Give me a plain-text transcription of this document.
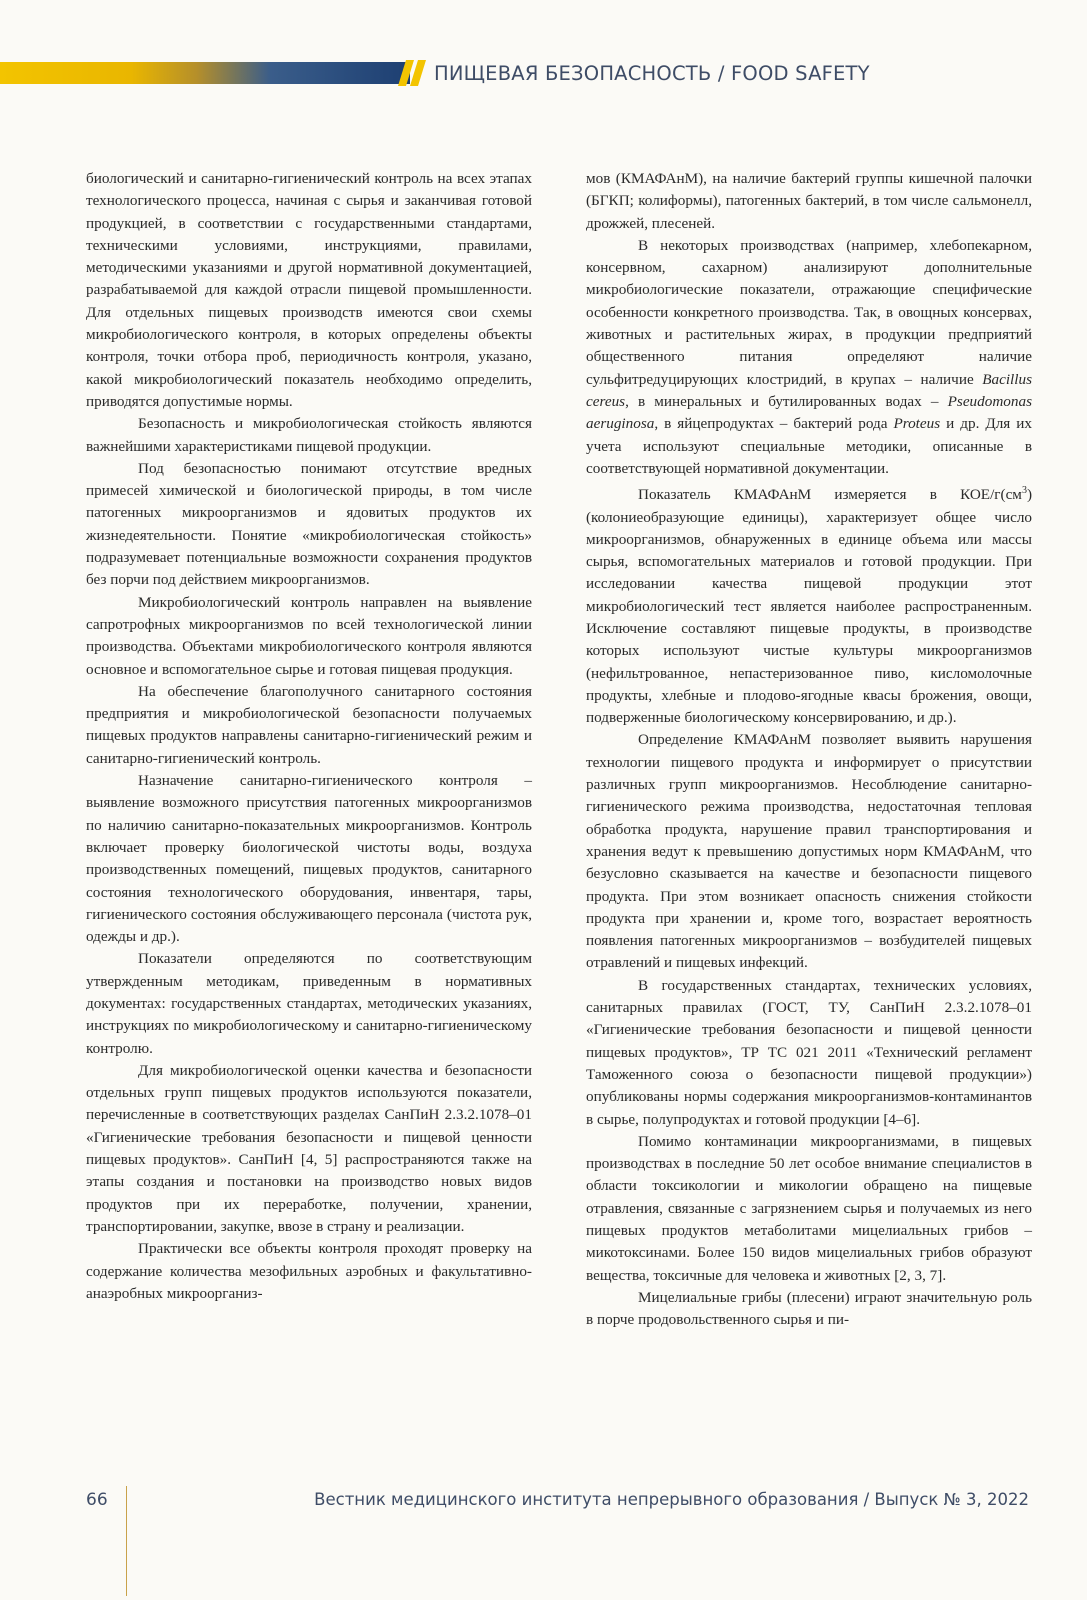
ПИЩЕВАЯ БЕЗОПАСНОСТЬ / FOOD SAFETY

биологический и санитарно-гигиенический контроль на всех этапах технологического процесса, начиная с сырья и заканчивая готовой продукцией, в соответствии с государственными стандартами, техническими условиями, инструкциями, правилами, методическими указаниями и другой нормативной документацией, разрабатываемой для каждой отрасли пищевой промышленности. Для отдельных пищевых производств имеются свои схемы микробиологического контроля, в которых определены объекты контроля, точки отбора проб, периодичность контроля, указано, какой микробиологический показатель необходимо определить, приводятся допустимые нормы.

Безопасность и микробиологическая стойкость являются важнейшими характеристиками пищевой продукции.

Под безопасностью понимают отсутствие вредных примесей химической и биологической природы, в том числе патогенных микроорганизмов и ядовитых продуктов их жизнедеятельности. Понятие «микробиологическая стойкость» подразумевает потенциальные возможности сохранения продуктов без порчи под действием микроорганизмов.

Микробиологический контроль направлен на выявление сапротрофных микроорганизмов по всей технологической линии производства. Объектами микробиологического контроля являются основное и вспомогательное сырье и готовая пищевая продукция.

На обеспечение благополучного санитарного состояния предприятия и микробиологической безопасности получаемых пищевых продуктов направлены санитарно-гигиенический режим и санитарно-гигиенический контроль.

Назначение санитарно-гигиенического контроля – выявление возможного присутствия патогенных микроорганизмов по наличию санитарно-показательных микроорганизмов. Контроль включает проверку биологической чистоты воды, воздуха производственных помещений, пищевых продуктов, санитарного состояния технологического оборудования, инвентаря, тары, гигиенического состояния обслуживающего персонала (чистота рук, одежды и др.).

Показатели определяются по соответствующим утвержденным методикам, приведенным в нормативных документах: государственных стандартах, методических указаниях, инструкциях по микробиологическому и санитарно-гигиеническому контролю.

Для микробиологической оценки качества и безопасности отдельных групп пищевых продуктов используются показатели, перечисленные в соответствующих разделах СанПиН 2.3.2.1078–01 «Гигиенические требования безопасности и пищевой ценности пищевых продуктов». СанПиН [4, 5] распространяются также на этапы создания и постановки на производство новых видов продуктов при их переработке, получении, хранении, транспортировании, закупке, ввозе в страну и реализации.

Практически все объекты контроля проходят проверку на содержание количества мезофильных аэробных и факультативно-анаэробных микроорганиз-

мов (КМАФАнМ), на наличие бактерий группы кишечной палочки (БГКП; колиформы), патогенных бактерий, в том числе сальмонелл, дрожжей, плесеней.

В некоторых производствах (например, хлебопекарном, консервном, сахарном) анализируют дополнительные микробиологические показатели, отражающие специфические особенности конкретного производства. Так, в овощных консервах, животных и растительных жирах, в продукции предприятий общественного питания определяют наличие сульфитредуцирующих клостридий, в крупах – наличие Bacillus cereus, в минеральных и бутилированных водах – Pseudomonas aeruginosa, в яйцепродуктах – бактерий рода Proteus и др. Для их учета используют специальные методики, описанные в соответствующей нормативной документации.

Показатель КМАФАнМ измеряется в КОЕ/$г(см^3)$ (колониеобразующие единицы), характеризует общее число микроорганизмов, обнаруженных в единице объема или массы сырья, вспомогательных материалов и готовой продукции. При исследовании качества пищевой продукции этот микробиологический тест является наиболее распространенным. Исключение составляют пищевые продукты, в производстве которых используют чистые культуры микроорганизмов (нефильтрованное, непастеризованное пиво, кисломолочные продукты, хлебные и плодово-ягодные квасы брожения, овощи, подверженные биологическому консервированию, и др.).

Определение КМАФАнМ позволяет выявить нарушения технологии пищевого продукта и информирует о присутствии различных групп микроорганизмов. Несоблюдение санитарно-гигиенического режима производства, недостаточная тепловая обработка продукта, нарушение правил транспортирования и хранения ведут к превышению допустимых норм КМАФАнМ, что безусловно сказывается на качестве и безопасности пищевого продукта. При этом возникает опасность снижения стойкости продукта при хранении и, кроме того, возрастает вероятность появления патогенных микроорганизмов – возбудителей пищевых отравлений и пищевых инфекций.

В государственных стандартах, технических условиях, санитарных правилах (ГОСТ, ТУ, СанПиН 2.3.2.1078–01 «Гигиенические требования безопасности и пищевой ценности пищевых продуктов», ТР ТС 021 2011 «Технический регламент Таможенного союза о безопасности пищевой продукции») опубликованы нормы содержания микроорганизмов-контаминантов в сырье, полупродуктах и готовой продукции [4–6].

Помимо контаминации микроорганизмами, в пищевых производствах в последние 50 лет особое внимание специалистов в области токсикологии и микологии обращено на пищевые отравления, связанные с загрязнением сырья и получаемых из него пищевых продуктов метаболитами мицелиальных грибов – микотоксинами. Более 150 видов мицелиальных грибов образуют вещества, токсичные для человека и животных [2, 3, 7].

Мицелиальные грибы (плесени) играют значительную роль в порче продовольственного сырья и пи-

66	Вестник медицинского института непрерывного образования / Выпуск № 3, 2022
